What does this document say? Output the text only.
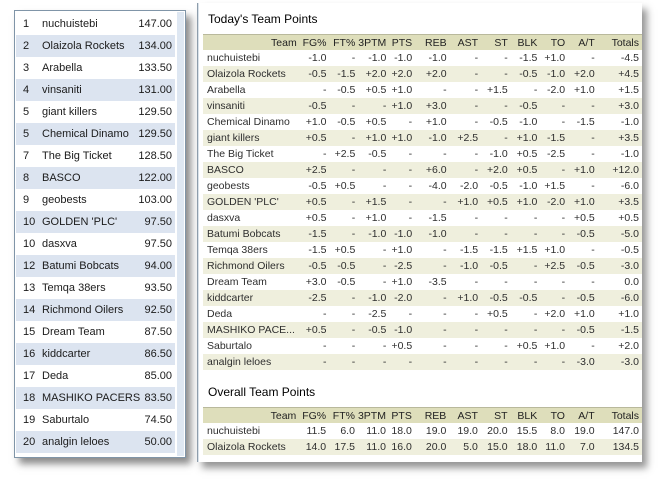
1	nuchuistebi	147.00
2	Olaizola Rockets	134.00
3	Arabella	133.50
4	vinsaniti	131.00
5	giant killers	129.50
5	Chemical Dinamo 129.50
7	The Big Ticket	128.50
8	BASCO	122.00
9	geobests	103.00
10 GOLDEN 'PLC'	97.50
10 dasxva	97.50
12 Batumi Bobcats	94.00
13 Temqa 38ers	93.50
14 Richmond Oilers	92.50
15 Dream Team	87.50
16 kiddcarter	86.50
17 Deda	85.00
18 MASHIKO PACERS 83.50
19 Saburtalo	74.50
20 analgin leloes	50.00
Today's Team Points
Team	FG%	FT%	3PTM	PTS	REB	AST	ST	BLK	TO	A/T	Totals
nuchuistebi	-1.0	-	-1.0	-1.0	-1.0	-	-	-1.5	+1.0	-	-4.5
Olaizola Rockets	-0.5	-1.5	+2.0	+2.0	+2.0	-	-	-0.5	-1.0	+2.0	+4.5
Arabella	-	-0.5	+0.5	+1.0	-	-	+1.5	-	-2.0	+1.0	+1.5
vinsaniti	-0.5	-	-	+1.0	+3.0	-	-	-0.5	-	-	+3.0
Chemical Dinamo	+1.0	-0.5	+0.5	-	+1.0	-	-0.5	-1.0	-	-1.5	-1.0
giant killers	+0.5	-	+1.0	+1.0	-1.0	+2.5	-	+1.0	-1.5	-	+3.5
The Big Ticket	-	+2.5	-0.5	-	-	-	-1.0	+0.5	-2.5	-	-1.0
BASCO	+2.5	-	-	-	+6.0	-	+2.0	+0.5	-	+1.0	+12.0
geobests	-0.5	+0.5	-	-	-4.0	-2.0	-0.5	-1.0	+1.5	-	-6.0
GOLDEN 'PLC'	+0.5	-	+1.5	-	-	+1.0	+0.5	+1.0	-2.0	+1.0	+3.5
dasxva	+0.5	-	+1.0	-	-1.5	-	-	-	-	+0.5	+0.5
Batumi Bobcats	-1.5	-	-1.0	-1.0	-1.0	-	-	-	-	-0.5	-5.0
Temqa 38ers	-1.5	+0.5	-	+1.0	-	-1.5	-1.5	+1.5	+1.0	-	-0.5
Richmond Oilers	-0.5	-0.5	-	-2.5	-	-1.0	-0.5	-	+2.5	-0.5	-3.0
Dream Team	+3.0	-0.5	-	+1.0	-3.5	-	-	-	-	-	0.0
kiddcarter	-2.5	-	-1.0	-2.0	-	+1.0	-0.5	-0.5	-	-0.5	-6.0
Deda	-	-	-2.5	-	-	-	+0.5	-	+2.0	+1.0	+1.0
MASHIKO PACE...	+0.5	-	-0.5	-1.0	-	-	-	-	-	-0.5	-1.5
Saburtalo	-	-	-	+0.5	-	-	-	+0.5	+1.0	-	+2.0
analgin leloes	-	-	-	-	-	-	-	-	-	-3.0	-3.0
Overall Team Points
Team	FG%	FT%	3PTM	PTS	REB	AST	ST	BLK	TO	A/T	Totals
nuchuistebi	11.5	6.0	11.0	18.0	19.0	19.0	20.0	15.5	8.0	19.0	147.0
Olaizola Rockets	14.0	17.5	11.0	16.0	20.0	5.0	15.0	18.0	11.0	7.0	134.5
